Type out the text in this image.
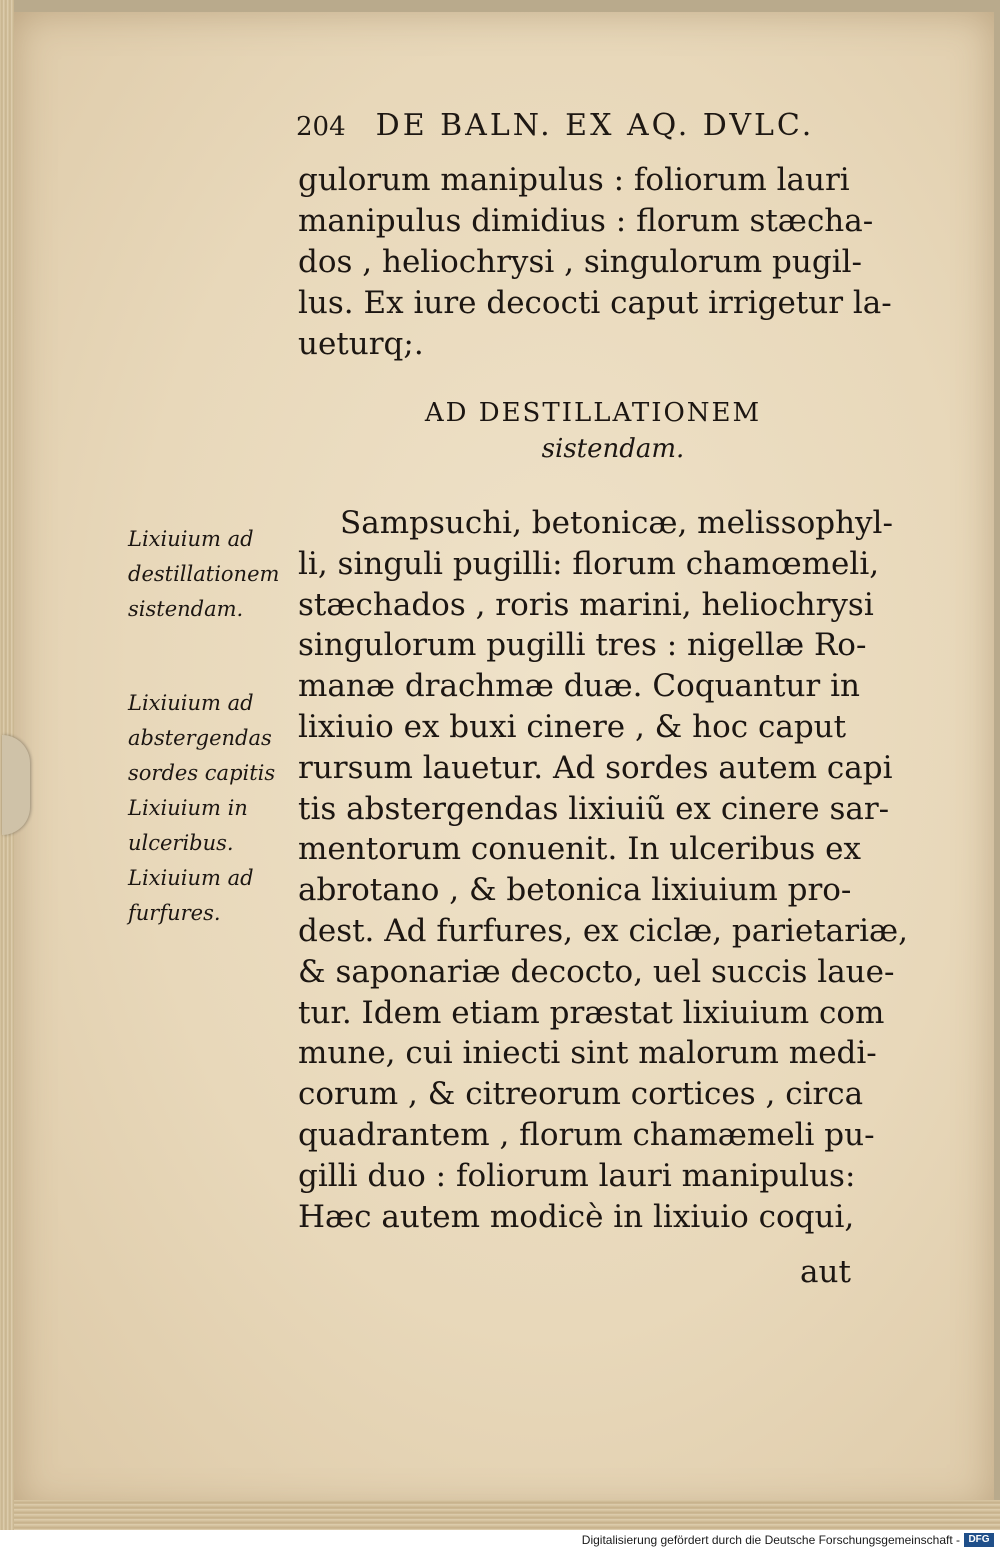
204 DE BALN. EX AQ. DVLC.
gulorum manipulus : foliorum lauri
manipulus dimidius : florum stæcha-
dos , heliochrysi , singulorum pugil-
lus. Ex iure decocti caput irrigetur la-
ueturq;.
AD DESTILLATIONEM
sistendam.
Sampsuchi, betonicæ, melissophyl-
li, singuli pugilli: florum chamœmeli,
stæchados , roris marini, heliochrysi
singulorum pugilli tres : nigellæ Ro-
manæ drachmæ duæ. Coquantur in
lixiuio ex buxi cinere , & hoc caput
rursum lauetur. Ad sordes autem capi
tis abstergendas lixiuiũ ex cinere sar-
mentorum conuenit. In ulceribus ex
abrotano , & betonica lixiuium pro-
dest. Ad furfures, ex ciclæ, parietariæ,
& saponariæ decocto, uel succis laue-
tur. Idem etiam præstat lixiuium com
mune, cui iniecti sint malorum medi-
corum , & citreorum cortices , circa
quadrantem , florum chamæmeli pu-
gilli duo : foliorum lauri manipulus:
Hæc autem modicè in lixiuio coqui,
aut
Lixiuium ad
destillationem
sistendam.
Lixiuium ad
abstergendas
sordes capitis
Lixiuium in
ulceribus.
Lixiuium ad
furfures.
Digitalisierung gefördert durch die Deutsche Forschungsgemeinschaft - DFG
